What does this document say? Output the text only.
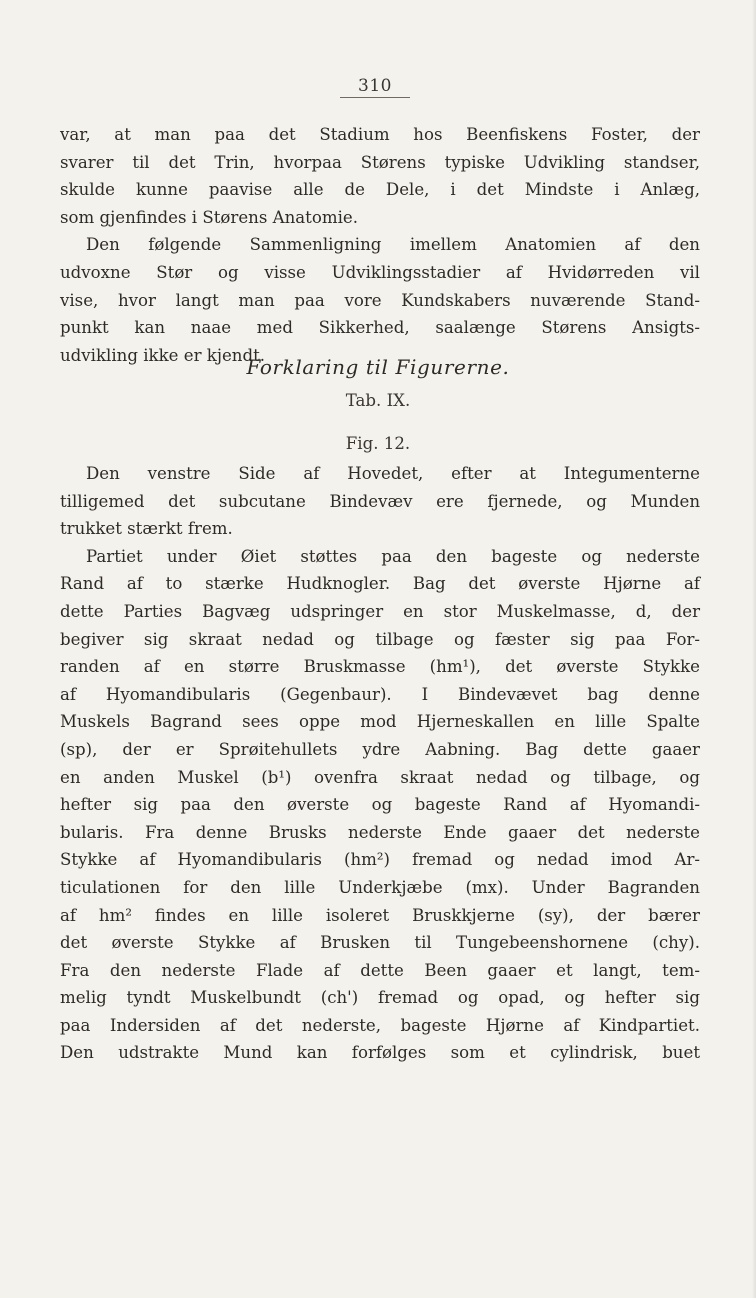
310
var, at man paa det Stadium hos Beenfiskens Foster, der
svarer til det Trin, hvorpaa Størens typiske Udvikling standser,
skulde kunne paavise alle de Dele, i det Mindste i Anlæg,
som gjenfindes i Størens Anatomie.
Den følgende Sammenligning imellem Anatomien af den
udvoxne Stør og visse Udviklingsstadier af Hvidørreden vil
vise, hvor langt man paa vore Kundskabers nuværende Stand-
punkt kan naae med Sikkerhed, saalænge Størens Ansigts-
udvikling ikke er kjendt.
Forklaring til Figurerne.
Tab. IX.
Fig. 12.
Den venstre Side af Hovedet, efter at Integumenterne
tilligemed det subcutane Bindevæv ere fjernede, og Munden
trukket stærkt frem.
Partiet under Øiet støttes paa den bageste og nederste
Rand af to stærke Hudknogler. Bag det øverste Hjørne af
dette Parties Bagvæg udspringer en stor Muskelmasse, d, der
begiver sig skraat nedad og tilbage og fæster sig paa For-
randen af en større Bruskmasse (hm¹), det øverste Stykke
af Hyomandibularis (Gegenbaur). I Bindevævet bag denne
Muskels Bagrand sees oppe mod Hjerneskallen en lille Spalte
(sp), der er Sprøitehullets ydre Aabning. Bag dette gaaer
en anden Muskel (b¹) ovenfra skraat nedad og tilbage, og
hefter sig paa den øverste og bageste Rand af Hyomandi-
bularis. Fra denne Brusks nederste Ende gaaer det nederste
Stykke af Hyomandibularis (hm²) fremad og nedad imod Ar-
ticulationen for den lille Underkjæbe (mx). Under Bagranden
af hm² findes en lille isoleret Bruskkjerne (sy), der bærer
det øverste Stykke af Brusken til Tungebeenshornene (chy).
Fra den nederste Flade af dette Been gaaer et langt, tem-
melig tyndt Muskelbundt (ch') fremad og opad, og hefter sig
paa Indersiden af det nederste, bageste Hjørne af Kindpartiet.
Den udstrakte Mund kan forfølges som et cylindrisk, buet
